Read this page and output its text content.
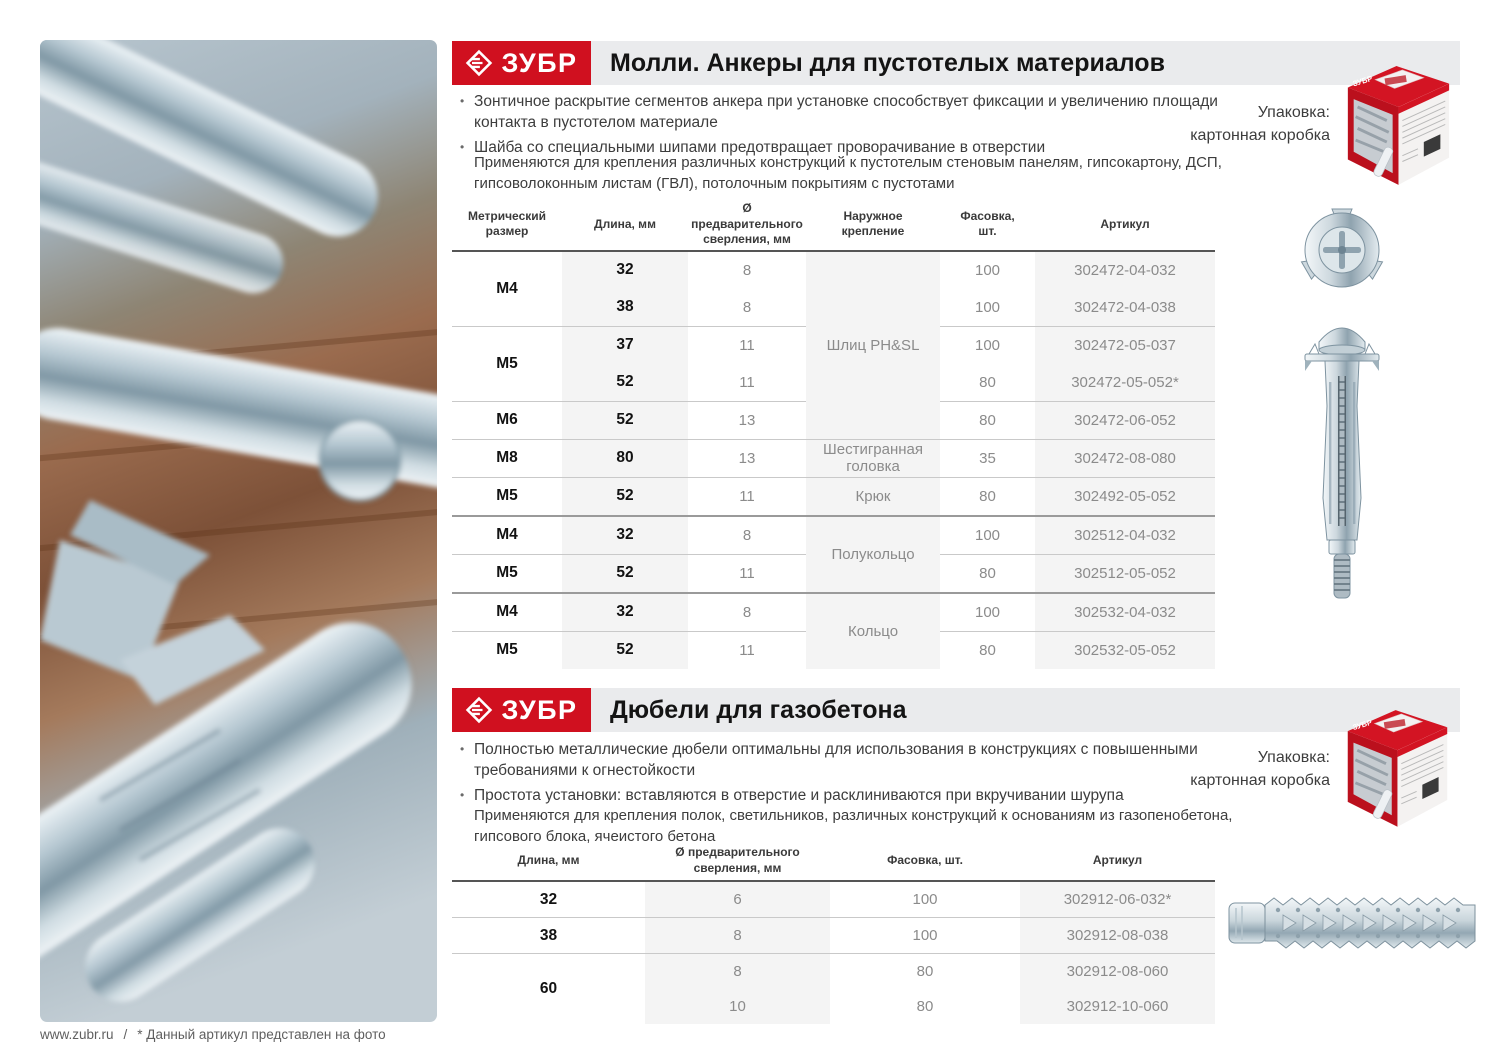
ЗУБР Молли. Анкеры для пустотелых материалов
• Зонтичное раскрытие сегментов анкера при установке способствует фиксации и увеличению площади контакта в пустотелом материале
• Шайба со специальными шипами предотвращает проворачивание в отверстии
Применяются для крепления различных конструкций к пустотелым стеновым панелям, гипсокартону, ДСП, гипсоволоконным листам (ГВЛ), потолочным покрытиям с пустотами
Метрический размер	Длина, мм	Ø предварительного сверления, мм	Наружное крепление	Фасовка, шт.	Артикул
M4	32	8	Шлиц PH&SL	100	302472-04-032
	38	8		100	302472-04-038
M5	37	11		100	302472-05-037
	52	11		80	302472-05-052*
M6	52	13		80	302472-06-052
M8	80	13	Шестигранная головка	35	302472-08-080
M5	52	11	Крюк	80	302492-05-052
M4	32	8	Полукольцо	100	302512-04-032
M5	52	11		80	302512-05-052
M4	32	8	Кольцо	100	302532-04-032
M5	52	11		80	302532-05-052
Упаковка:
картонная коробка
ЗУБР Дюбели для газобетона
• Полностью металлические дюбели оптимальны для использования в конструкциях с повышенными требованиями к огнестойкости
• Простота установки: вставляются в отверстие и расклиниваются при вкручивании шурупа
Применяются для крепления полок, светильников, различных конструкций к основаниям из газопенобетона, гипсового блока, ячеистого бетона
Длина, мм	Ø предварительного сверления, мм	Фасовка, шт.	Артикул
32	6	100	302912-06-032*
38	8	100	302912-08-038
60	8	80	302912-08-060
	10	80	302912-10-060
Упаковка:
картонная коробка
www.zubr.ru / * Данный артикул представлен на фото
